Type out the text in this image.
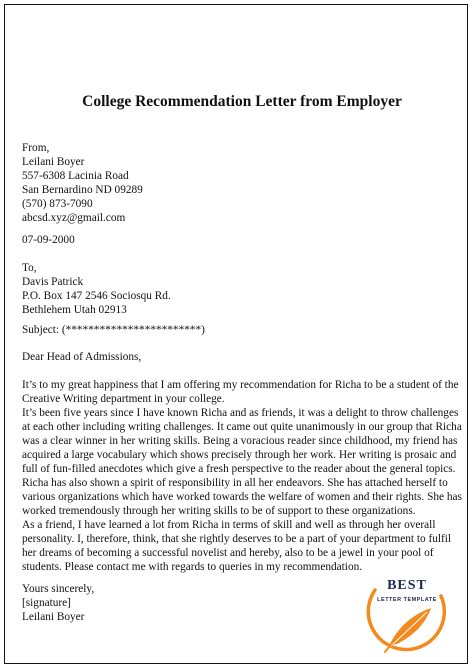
College Recommendation Letter from Employer
From,
Leilani Boyer
557-6308 Lacinia Road
San Bernardino ND 09289
(570) 873-7090
abcsd.xyz@gmail.com
07-09-2000
To,
Davis Patrick
P.O. Box 147 2546 Sociosqu Rd.
Bethlehem Utah 02913
Subject: (************************)
Dear Head of Admissions,
It’s to my great happiness that I am offering my recommendation for Richa to be a student of the
Creative Writing department in your college.
It’s been five years since I have known Richa and as friends, it was a delight to throw challenges
at each other including writing challenges. It came out quite unanimously in our group that Richa
was a clear winner in her writing skills. Being a voracious reader since childhood, my friend has
acquired a large vocabulary which shows precisely through her work. Her writing is prosaic and
full of fun-filled anecdotes which give a fresh perspective to the reader about the general topics.
Richa has also shown a spirit of responsibility in all her endeavors. She has attached herself to
various organizations which have worked towards the welfare of women and their rights. She has
worked tremendously through her writing skills to be of support to these organizations.
As a friend, I have learned a lot from Richa in terms of skill and well as through her overall
personality. I, therefore, think, that she rightly deserves to be a part of your department to fulfil
her dreams of becoming a successful novelist and hereby, also to be a jewel in your pool of
students. Please contact me with regards to queries in my recommendation.
Yours sincerely,
[signature]
Leilani Boyer
BEST
LETTER TEMPLATE
